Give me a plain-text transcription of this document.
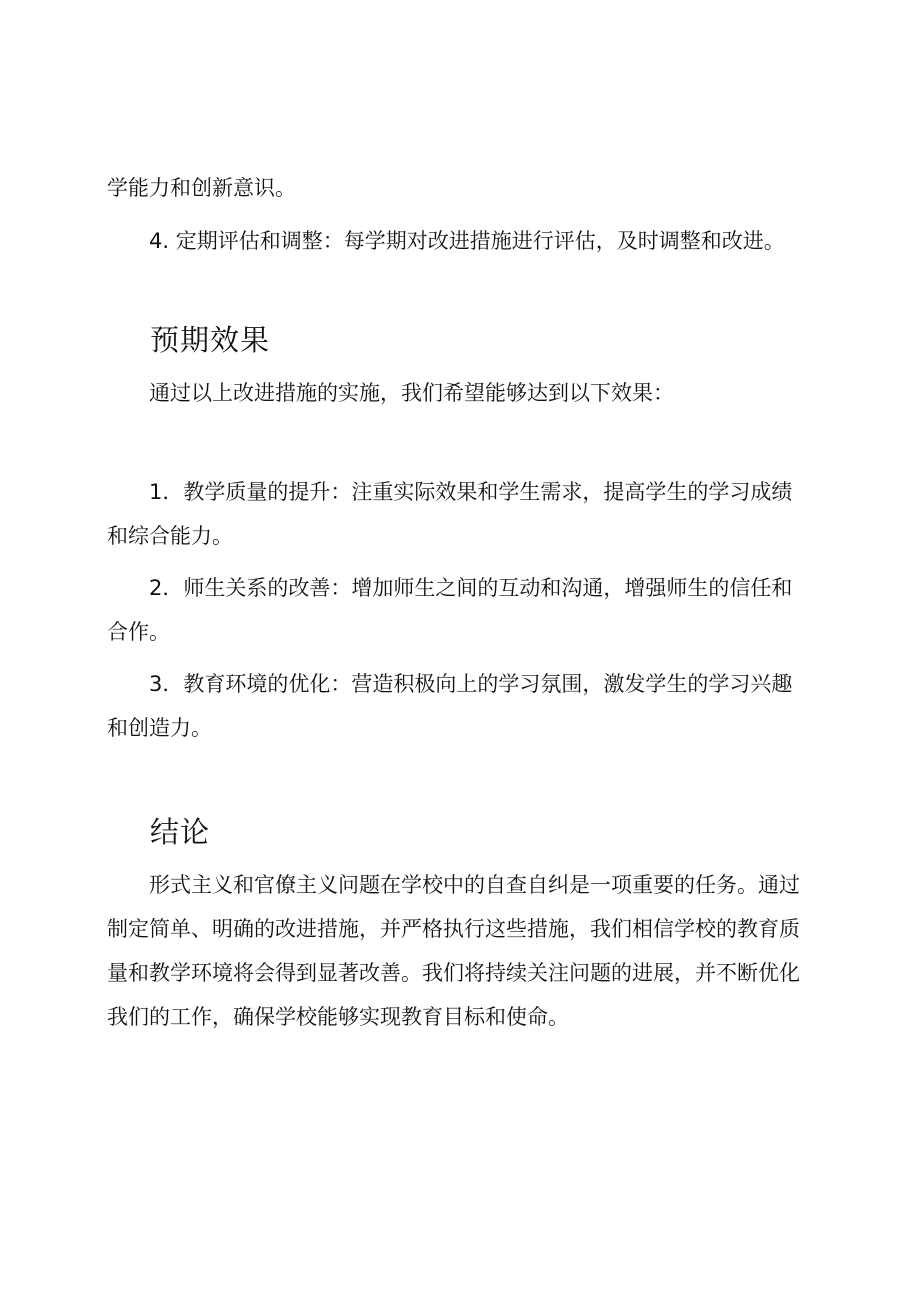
学能力和创新意识。

4. 定期评估和调整：每学期对改进措施进行评估，及时调整和改进。

预期效果

通过以上改进措施的实施，我们希望能够达到以下效果：

1．教学质量的提升：注重实际效果和学生需求，提高学生的学习成绩和综合能力。

2．师生关系的改善：增加师生之间的互动和沟通，增强师生的信任和合作。

3．教育环境的优化：营造积极向上的学习氛围，激发学生的学习兴趣和创造力。

结论

形式主义和官僚主义问题在学校中的自查自纠是一项重要的任务。通过制定简单、明确的改进措施，并严格执行这些措施，我们相信学校的教育质量和教学环境将会得到显著改善。我们将持续关注问题的进展，并不断优化我们的工作，确保学校能够实现教育目标和使命。
